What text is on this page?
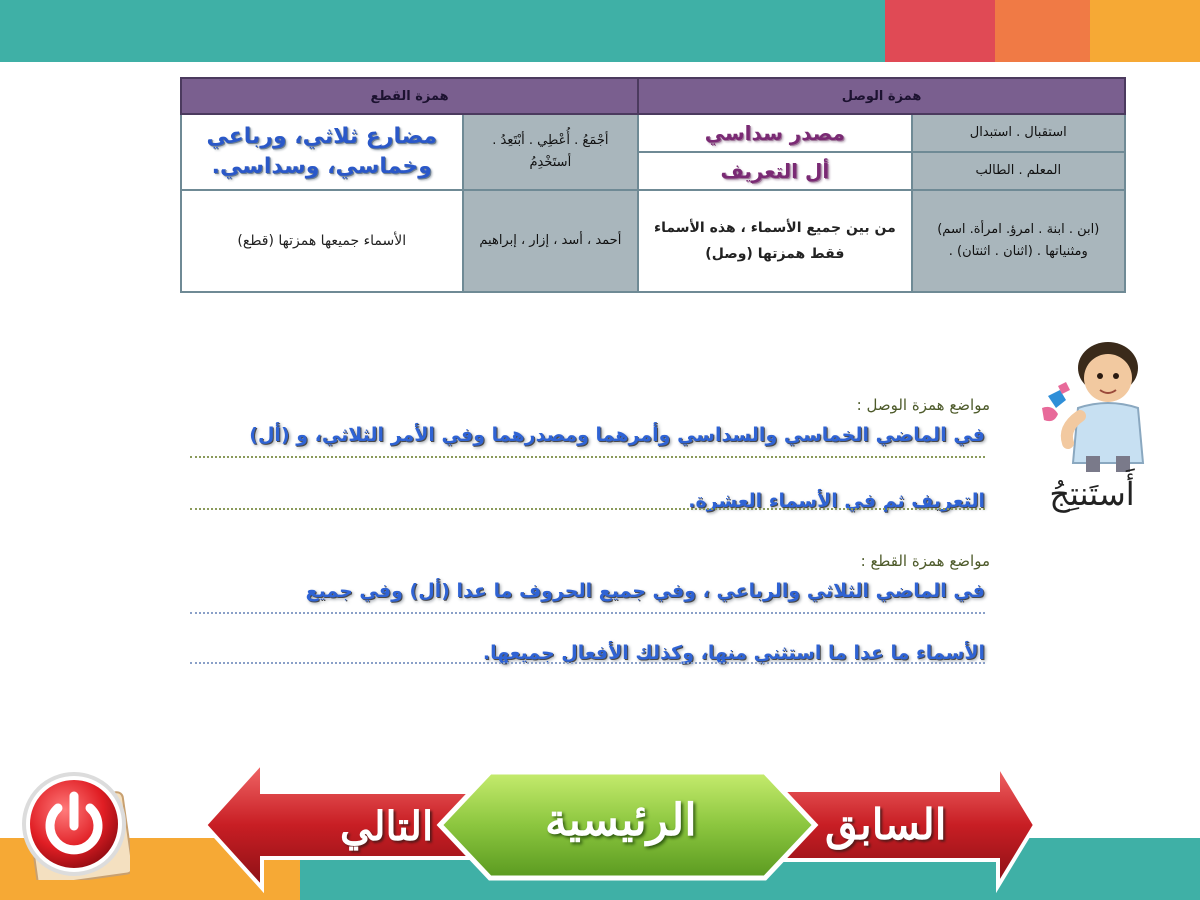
همزة الوصل		همزة القطع	
استقبال . استبدال	مصدر سداسي	أجْمَعُ . أُعْطِي . أبْتَعِدُ . أستَخْدِمُ	مضارع ثلاثي، ورباعي وخماسي، وسداسي.
المعلم . الطالب	أل التعريف		
(ابن . ابنة . امرؤ. امرأة. اسم) ومثنياتها . (اثنان . اثنتان) .	من بين جميع الأسماء ، هذه الأسماء فقط همزتها (وصل)	أحمد ، أسد ، إزار ، إبراهيم	الأسماء جميعها همزتها (قطع)
أَستَنتِجُ
مواضع همزة الوصل :
في الماضي الخماسي والسداسي وأمرهما ومصدرهما وفي الأمر الثلاثي، و (أل)
التعريف ثم في الأسماء العشرة.
مواضع همزة القطع :
في الماضي الثلاثي والرباعي ، وفي جميع الحروف ما عدا (أل) وفي جميع
الأسماء ما عدا ما استثني منها، وكذلك الأفعال جميعها.
التالي	الرئيسية	السابق
